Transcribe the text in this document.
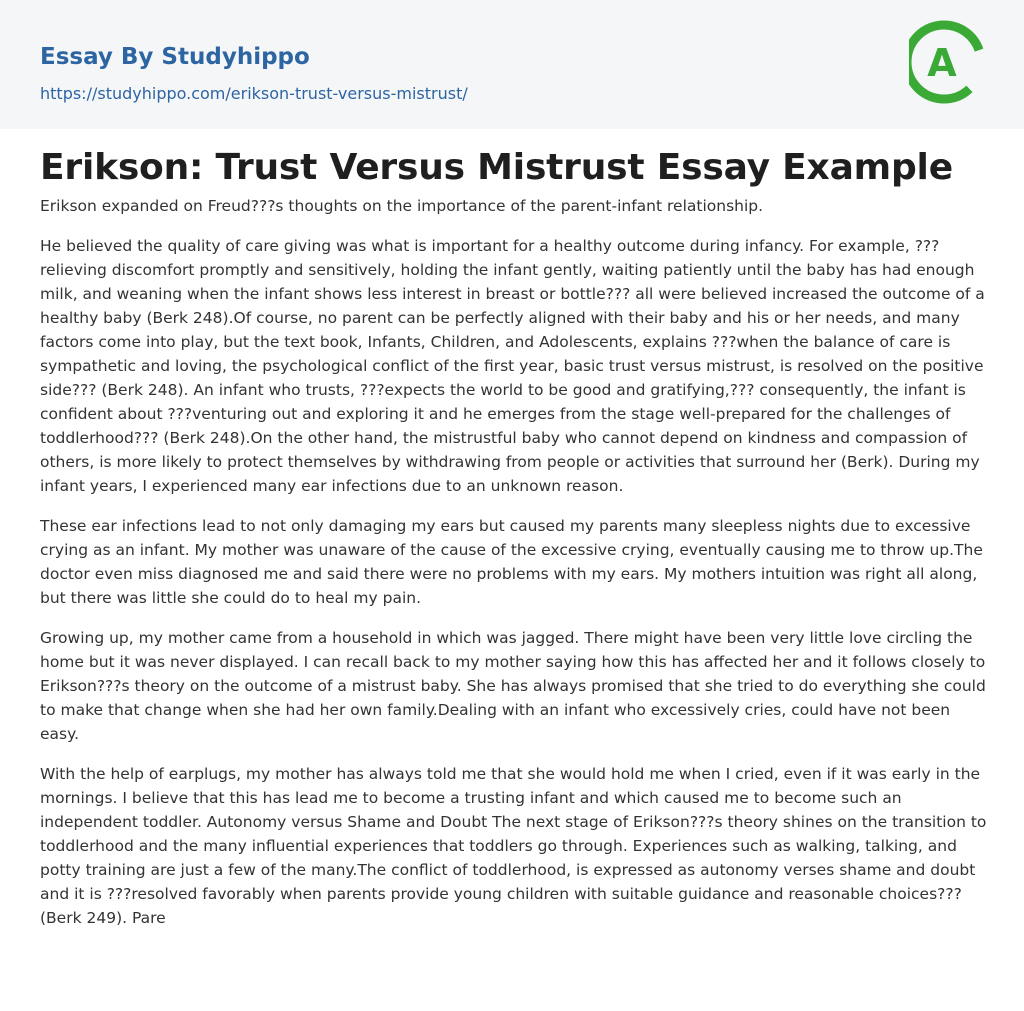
Essay By Studyhippo
https://studyhippo.com/erikson-trust-versus-mistrust/
A
Erikson: Trust Versus Mistrust Essay Example

Erikson expanded on Freud???s thoughts on the importance of the parent-infant relationship.

He believed the quality of care giving was what is important for a healthy outcome during infancy. For example, ??? relieving discomfort promptly and sensitively, holding the infant gently, waiting patiently until the baby has had enough milk, and weaning when the infant shows less interest in breast or bottle??? all were believed increased the outcome of a healthy baby (Berk 248).Of course, no parent can be perfectly aligned with their baby and his or her needs, and many factors come into play, but the text book, Infants, Children, and Adolescents, explains ???when the balance of care is sympathetic and loving, the psychological conflict of the first year, basic trust versus mistrust, is resolved on the positive side??? (Berk 248). An infant who trusts, ???expects the world to be good and gratifying,??? consequently, the infant is confident about ???venturing out and exploring it and he emerges from the stage well-prepared for the challenges of toddlerhood??? (Berk 248).On the other hand, the mistrustful baby who cannot depend on kindness and compassion of others, is more likely to protect themselves by withdrawing from people or activities that surround her (Berk). During my infant years, I experienced many ear infections due to an unknown reason.

These ear infections lead to not only damaging my ears but caused my parents many sleepless nights due to excessive crying as an infant. My mother was unaware of the cause of the excessive crying, eventually causing me to throw up.The doctor even miss diagnosed me and said there were no problems with my ears. My mothers intuition was right all along, but there was little she could do to heal my pain.

Growing up, my mother came from a household in which was jagged. There might have been very little love circling the home but it was never displayed. I can recall back to my mother saying how this has affected her and it follows closely to Erikson???s theory on the outcome of a mistrust baby. She has always promised that she tried to do everything she could to make that change when she had her own family.Dealing with an infant who excessively cries, could have not been easy.

With the help of earplugs, my mother has always told me that she would hold me when I cried, even if it was early in the mornings. I believe that this has lead me to become a trusting infant and which caused me to become such an independent toddler. Autonomy versus Shame and Doubt The next stage of Erikson???s theory shines on the transition to toddlerhood and the many influential experiences that toddlers go through. Experiences such as walking, talking, and potty training are just a few of the many.The conflict of toddlerhood, is expressed as autonomy verses shame and doubt and it is ???resolved favorably when parents provide young children with suitable guidance and reasonable choices??? (Berk 249). Pare
